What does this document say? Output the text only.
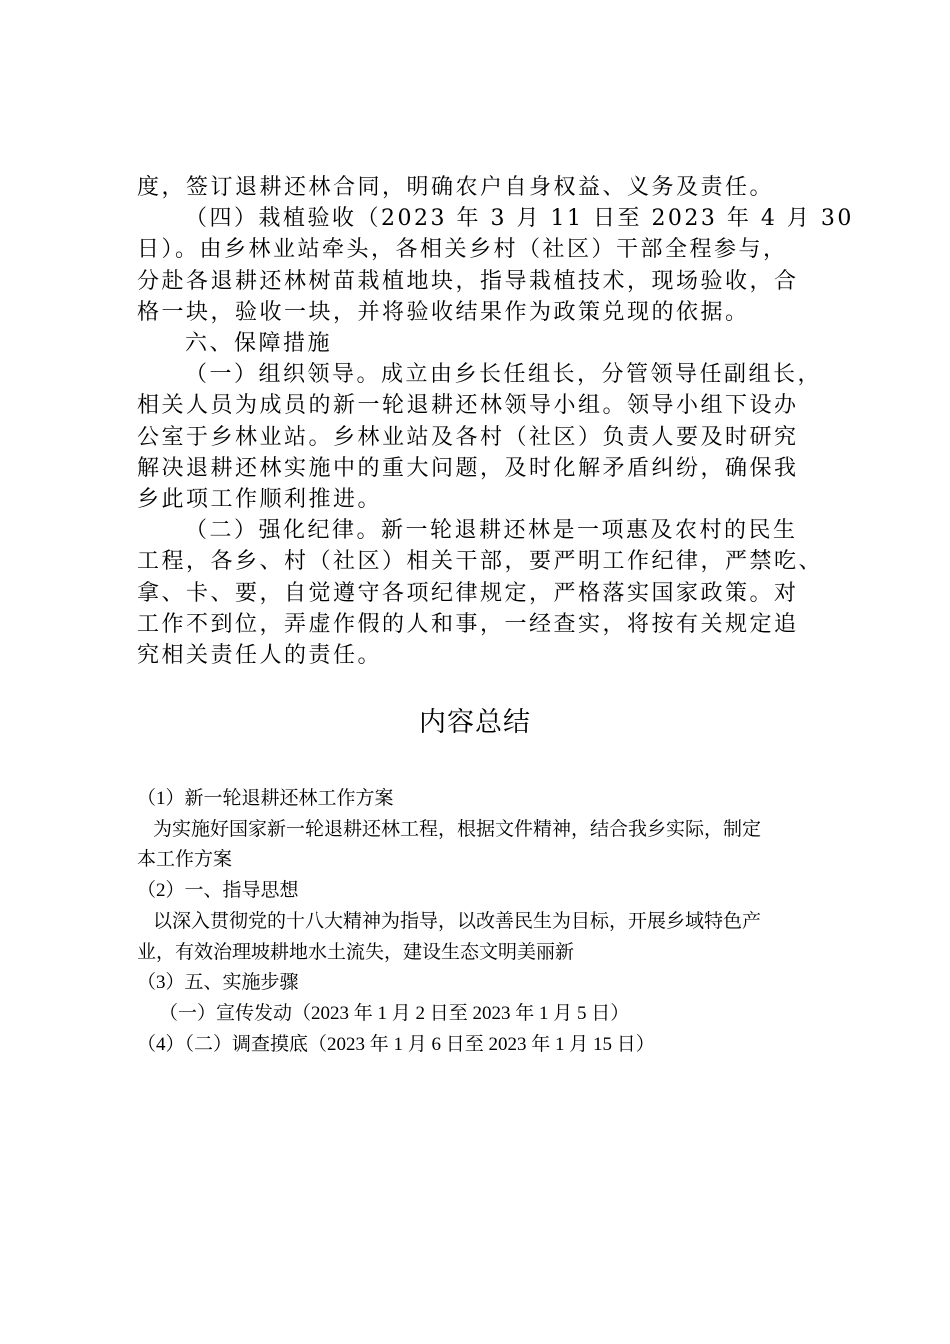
度，签订退耕还林合同，明确农户自身权益、义务及责任。

（四）栽植验收（2023 年 3 月 11 日至 2023 年 4 月 30

日）。由乡林业站牵头，各相关乡村（社区）干部全程参与，

分赴各退耕还林树苗栽植地块，指导栽植技术，现场验收，合

格一块，验收一块，并将验收结果作为政策兑现的依据。

六、保障措施

（一）组织领导。成立由乡长任组长，分管领导任副组长，

相关人员为成员的新一轮退耕还林领导小组。领导小组下设办

公室于乡林业站。乡林业站及各村（社区）负责人要及时研究

解决退耕还林实施中的重大问题，及时化解矛盾纠纷，确保我

乡此项工作顺利推进。

（二）强化纪律。新一轮退耕还林是一项惠及农村的民生

工程，各乡、村（社区）相关干部，要严明工作纪律，严禁吃、

拿、卡、要，自觉遵守各项纪律规定，严格落实国家政策。对

工作不到位，弄虚作假的人和事，一经查实，将按有关规定追

究相关责任人的责任。

内容总结

（1）新一轮退耕还林工作方案

为实施好国家新一轮退耕还林工程，根据文件精神，结合我乡实际，制定

本工作方案

（2）一、指导思想

以深入贯彻党的十八大精神为指导，以改善民生为目标，开展乡域特色产

业，有效治理坡耕地水土流失，建设生态文明美丽新

（3）五、实施步骤

（一）宣传发动（2023 年 1 月 2 日至 2023 年 1 月 5 日）

（4）（二）调查摸底（2023 年 1 月 6 日至 2023 年 1 月 15 日）
